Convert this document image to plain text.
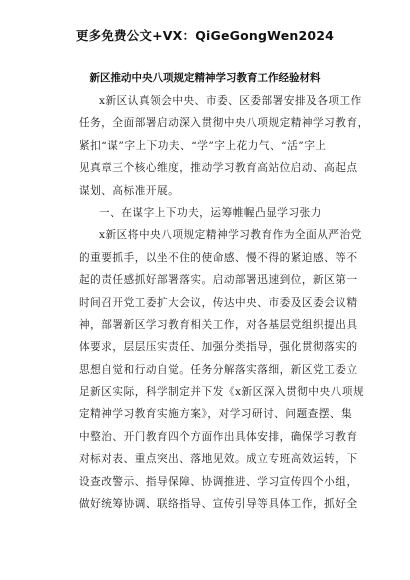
更多免费公文+VX：QiGeGongWen2024
新区推动中央八项规定精神学习教育工作经验材料
x新区认真领会中央、市委、区委部署安排及各项工作
任务，全面部署启动深入贯彻中央八项规定精神学习教育，
紧扣“谋”字上下功夫、“学”字上花力气、“活”字上
见真章三个核心维度，推动学习教育高站位启动、高起点
谋划、高标准开展。
一、在谋字上下功夫，运筹帷幄凸显学习张力
x新区将中央八项规定精神学习教育作为全面从严治党
的重要抓手，以坐不住的使命感、慢不得的紧迫感、等不
起的责任感抓好部署落实。启动部署迅速到位，新区第一
时间召开党工委扩大会议，传达中央、市委及区委会议精
神，部署新区学习教育相关工作，对各基层党组织提出具
体要求，层层压实责任、加强分类指导，强化贯彻落实的
思想自觉和行动自觉。任务分解落实落细，新区党工委立
足新区实际，科学制定并下发《x新区深入贯彻中央八项规
定精神学习教育实施方案》，对学习研讨、问题查摆、集
中整治、开门教育四个方面作出具体安排，确保学习教育
对标对表、重点突出、落地见效。成立专班高效运转，下
设查改警示、指导保障、协调推进、学习宣传四个小组，
做好统筹协调、联络指导、宣传引导等具体工作，抓好全
